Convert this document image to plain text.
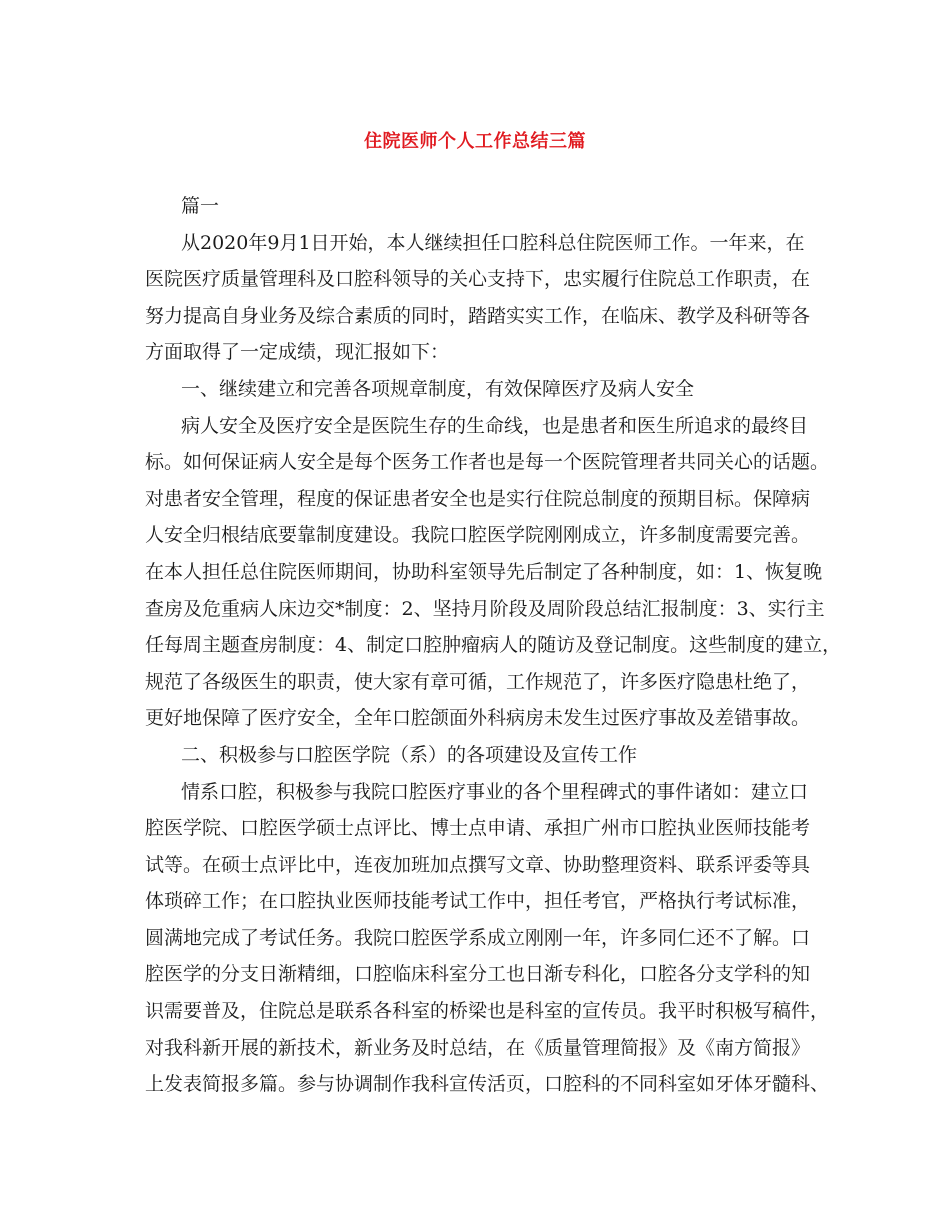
住院医师个人工作总结三篇
篇一
从2020年9月1日开始，本人继续担任口腔科总住院医师工作。一年来，在
医院医疗质量管理科及口腔科领导的关心支持下，忠实履行住院总工作职责，在
努力提高自身业务及综合素质的同时，踏踏实实工作，在临床、教学及科研等各
方面取得了一定成绩，现汇报如下：
一、继续建立和完善各项规章制度，有效保障医疗及病人安全
病人安全及医疗安全是医院生存的生命线，也是患者和医生所追求的最终目
标。如何保证病人安全是每个医务工作者也是每一个医院管理者共同关心的话题。
对患者安全管理，程度的保证患者安全也是实行住院总制度的预期目标。保障病
人安全归根结底要靠制度建设。我院口腔医学院刚刚成立，许多制度需要完善。
在本人担任总住院医师期间，协助科室领导先后制定了各种制度，如：1、恢复晚
查房及危重病人床边交*制度：2、坚持月阶段及周阶段总结汇报制度：3、实行主
任每周主题查房制度：4、制定口腔肿瘤病人的随访及登记制度。这些制度的建立，
规范了各级医生的职责，使大家有章可循，工作规范了，许多医疗隐患杜绝了，
更好地保障了医疗安全，全年口腔颌面外科病房未发生过医疗事故及差错事故。
二、积极参与口腔医学院（系）的各项建设及宣传工作
情系口腔，积极参与我院口腔医疗事业的各个里程碑式的事件诸如：建立口
腔医学院、口腔医学硕士点评比、博士点申请、承担广州市口腔执业医师技能考
试等。在硕士点评比中，连夜加班加点撰写文章、协助整理资料、联系评委等具
体琐碎工作；在口腔执业医师技能考试工作中，担任考官，严格执行考试标准，
圆满地完成了考试任务。我院口腔医学系成立刚刚一年，许多同仁还不了解。口
腔医学的分支日渐精细，口腔临床科室分工也日渐专科化，口腔各分支学科的知
识需要普及，住院总是联系各科室的桥梁也是科室的宣传员。我平时积极写稿件，
对我科新开展的新技术，新业务及时总结，在《质量管理简报》及《南方简报》
上发表简报多篇。参与协调制作我科宣传活页，口腔科的不同科室如牙体牙髓科、
